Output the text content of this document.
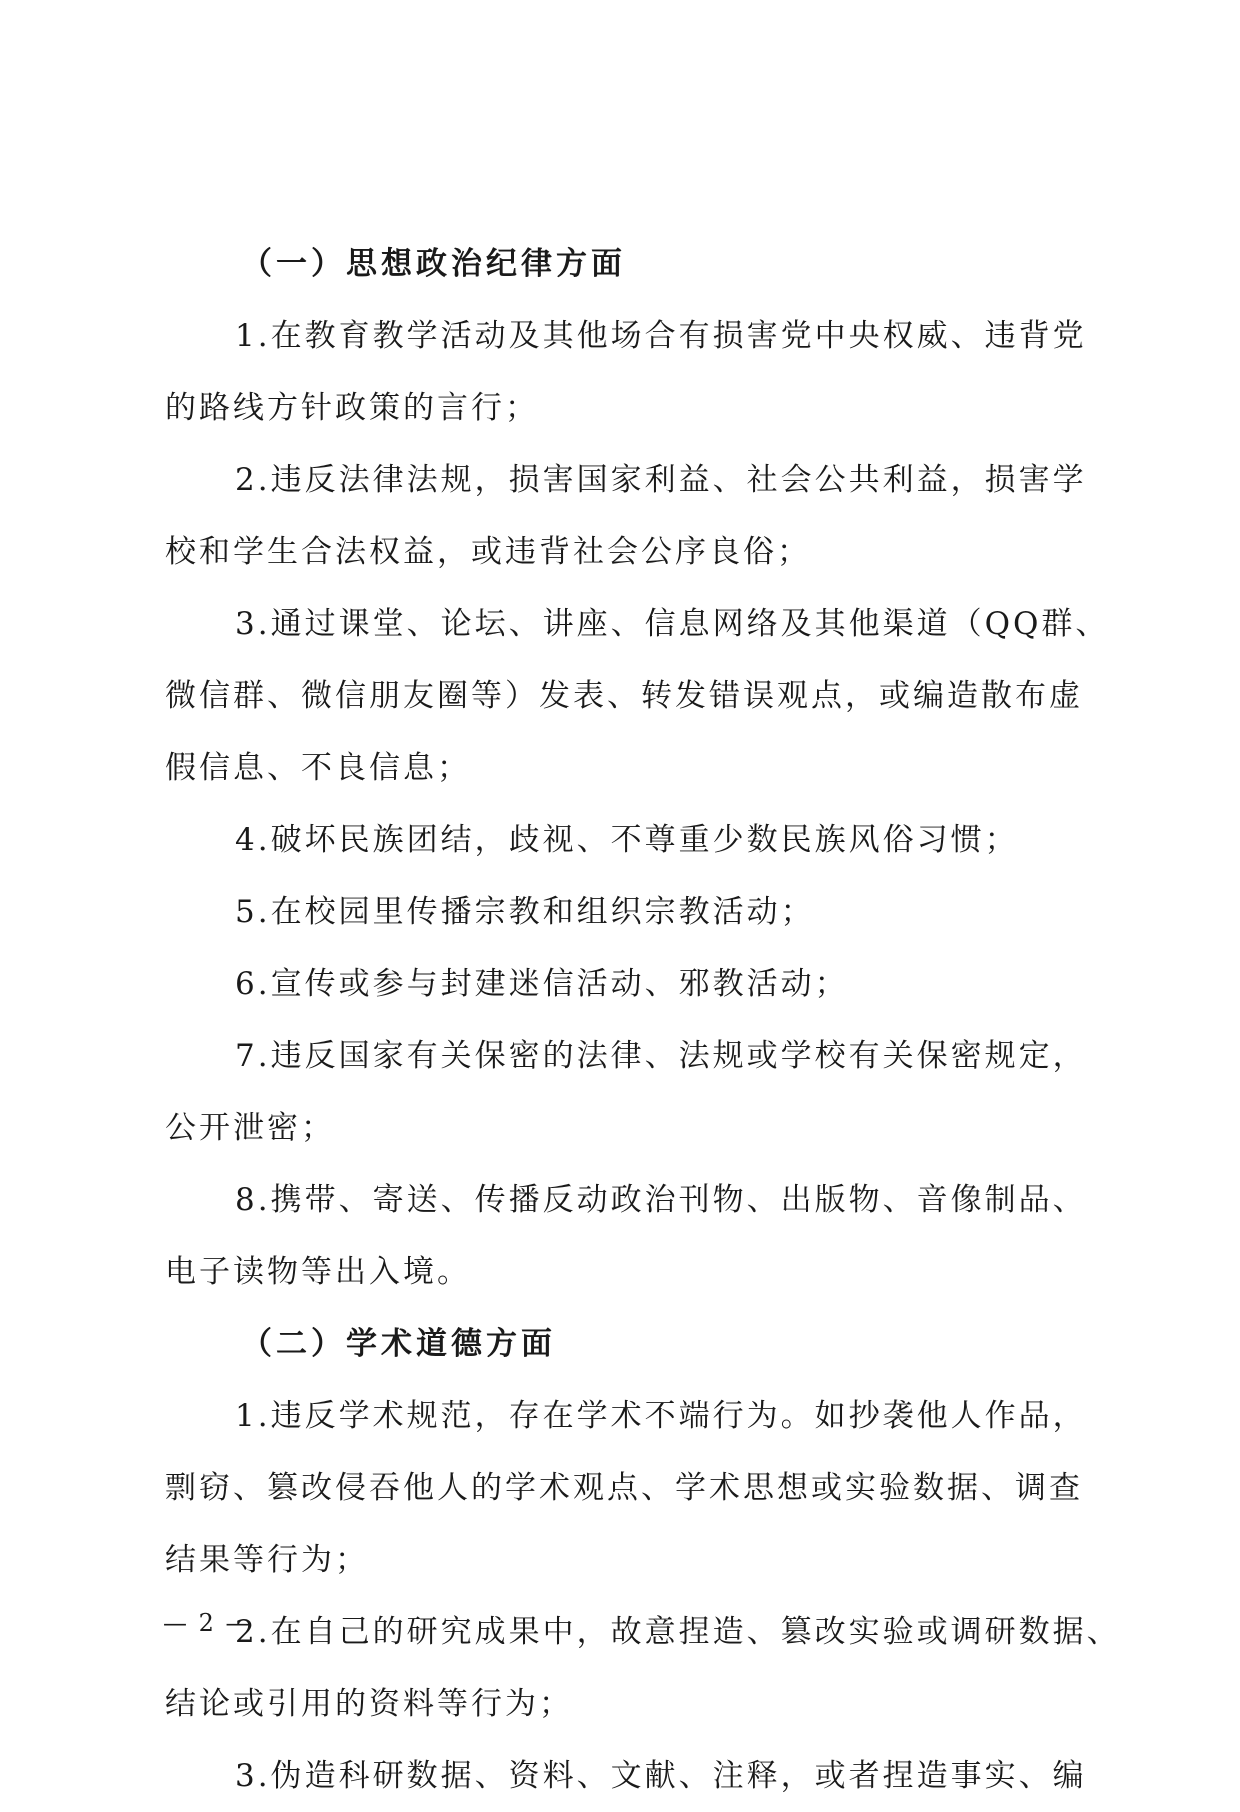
（一）思想政治纪律方面
1.在教育教学活动及其他场合有损害党中央权威、违背党
的路线方针政策的言行；
2.违反法律法规，损害国家利益、社会公共利益，损害学
校和学生合法权益，或违背社会公序良俗；
3.通过课堂、论坛、讲座、信息网络及其他渠道（QQ群、
微信群、微信朋友圈等）发表、转发错误观点，或编造散布虚
假信息、不良信息；
4.破坏民族团结，歧视、不尊重少数民族风俗习惯；
5.在校园里传播宗教和组织宗教活动；
6.宣传或参与封建迷信活动、邪教活动；
7.违反国家有关保密的法律、法规或学校有关保密规定，
公开泄密；
8.携带、寄送、传播反动政治刊物、出版物、音像制品、
电子读物等出入境。
（二）学术道德方面
1.违反学术规范，存在学术不端行为。如抄袭他人作品，
剽窃、篡改侵吞他人的学术观点、学术思想或实验数据、调查
结果等行为；
2.在自己的研究成果中，故意捏造、篡改实验或调研数据、
结论或引用的资料等行为；
3.伪造科研数据、资料、文献、注释，或者捏造事实、编
— 2 —
